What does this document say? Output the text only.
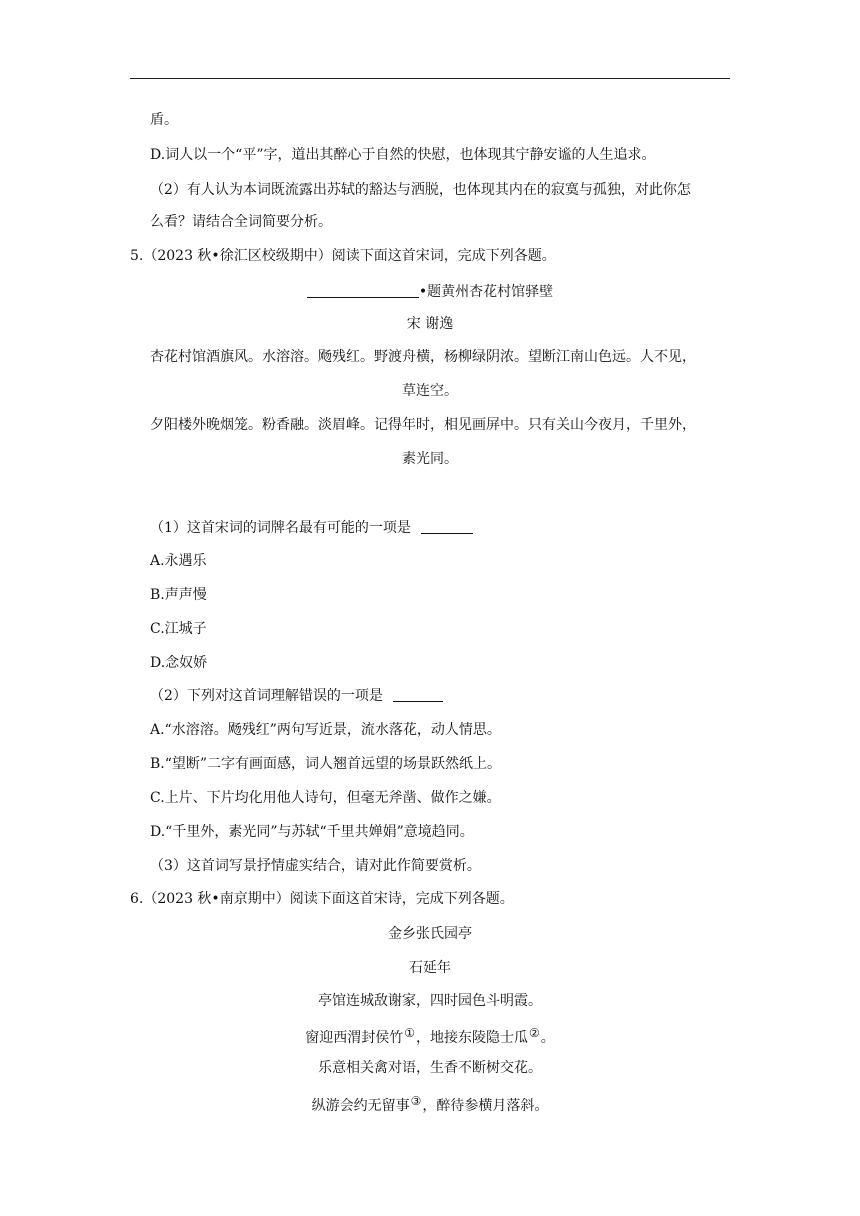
盾。
D.词人以一个“平”字，道出其醉心于自然的快慰，也体现其宁静安谧的人生追求。
（2）有人认为本词既流露出苏轼的豁达与洒脱，也体现其内在的寂寞与孤独，对此你怎
么看？请结合全词简要分析。
5.（2023 秋•徐汇区校级期中）阅读下面这首宋词，完成下列各题。
•题黄州杏花村馆驿壁
宋 谢逸
杏花村馆酒旗风。水溶溶。飏残红。野渡舟横，杨柳绿阴浓。望断江南山色远。人不见，
草连空。
夕阳楼外晚烟笼。粉香融。淡眉峰。记得年时，相见画屏中。只有关山今夜月，千里外，
素光同。
（1）这首宋词的词牌名最有可能的一项是
A.永遇乐
B.声声慢
C.江城子
D.念奴娇
（2）下列对这首词理解错误的一项是
A.“水溶溶。飏残红”两句写近景，流水落花，动人情思。
B.“望断”二字有画面感，词人翘首远望的场景跃然纸上。
C.上片、下片均化用他人诗句，但毫无斧凿、做作之嫌。
D.“千里外，素光同”与苏轼“千里共婵娟”意境趋同。
（3）这首词写景抒情虚实结合，请对此作简要赏析。
6.（2023 秋•南京期中）阅读下面这首宋诗，完成下列各题。
金乡张氏园亭
石延年
亭馆连城敌谢家，四时园色斗明霞。
窗迎西渭封侯竹①，地接东陵隐士瓜②。
乐意相关禽对语，生香不断树交花。
纵游会约无留事③，醉待参横月落斜。
